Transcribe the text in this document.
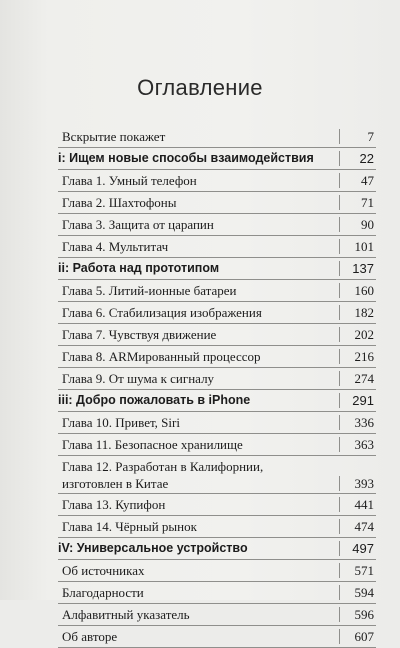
Оглавление
Вскрытие покажет	7
i: Ищем новые способы взаимодействия	22
Глава 1. Умный телефон	47
Глава 2. Шахтофоны	71
Глава 3. Защита от царапин	90
Глава 4. Мультитач	101
ii: Работа над прототипом	137
Глава 5. Литий-ионные батареи	160
Глава 6. Стабилизация изображения	182
Глава 7. Чувствуя движение	202
Глава 8. ARMированный процессор	216
Глава 9. От шума к сигналу	274
iii: Добро пожаловать в iPhone	291
Глава 10. Привет, Siri	336
Глава 11. Безопасное хранилище	363
Глава 12. Разработан в Калифорнии, изготовлен в Китае	393
Глава 13. Купифон	441
Глава 14. Чёрный рынок	474
iV: Универсальное устройство	497
Об источниках	571
Благодарности	594
Алфавитный указатель	596
Об авторе	607
